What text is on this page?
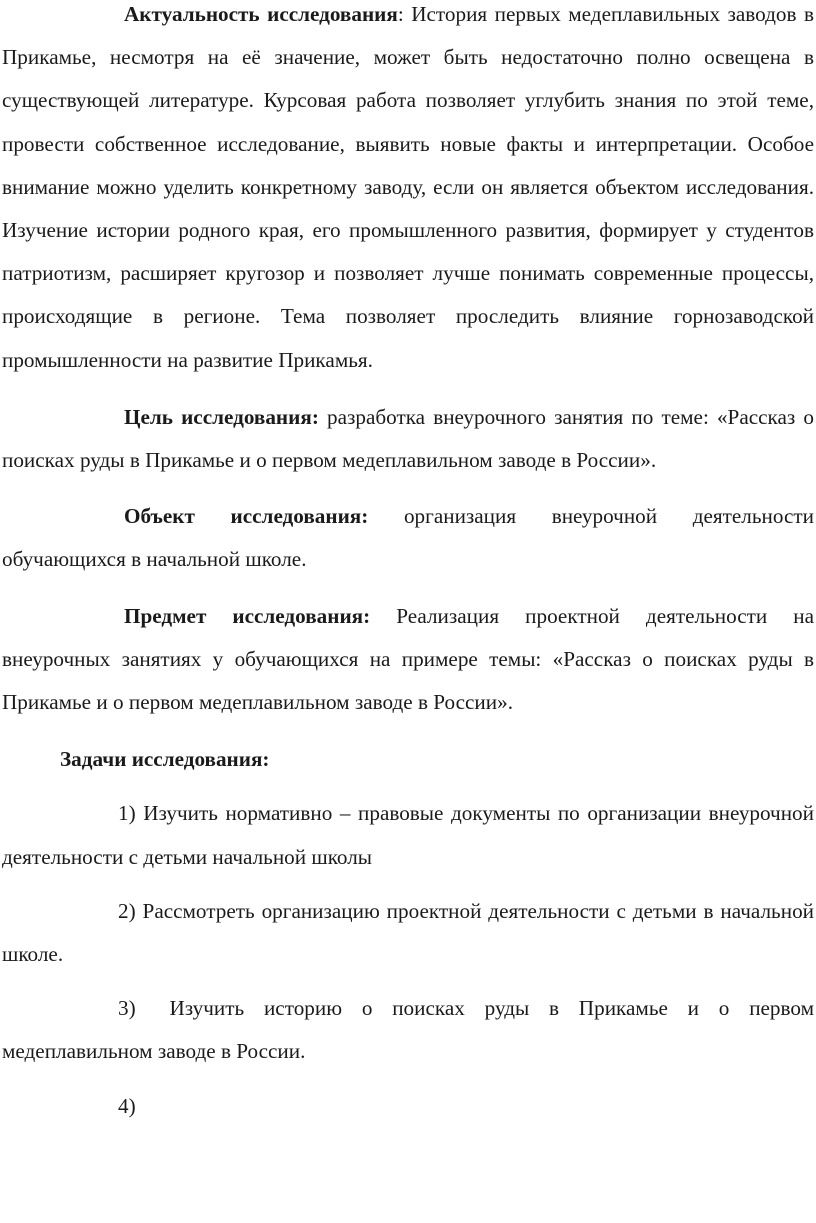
Актуальность исследования: История первых медеплавильных заводов в Прикамье, несмотря на её значение, может быть недостаточно полно освещена в существующей литературе. Курсовая работа позволяет углубить знания по этой теме, провести собственное исследование, выявить новые факты и интерпретации. Особое внимание можно уделить конкретному заводу, если он является объектом исследования. Изучение истории родного края, его промышленного развития, формирует у студентов патриотизм, расширяет кругозор и позволяет лучше понимать современные процессы, происходящие в регионе. Тема позволяет проследить влияние горнозаводской промышленности на развитие Прикамья.

Цель исследования: разработка внеурочного занятия по теме: «Рассказ о поисках руды в Прикамье и о первом медеплавильном заводе в России».

Объект исследования: организация внеурочной деятельности обучающихся в начальной школе.

Предмет исследования: Реализация проектной деятельности на внеурочных занятиях у обучающихся на примере темы: «Рассказ о поисках руды в Прикамье и о первом медеплавильном заводе в России».

Задачи исследования:

1) Изучить нормативно – правовые документы по организации внеурочной деятельности с детьми начальной школы

2) Рассмотреть организацию проектной деятельности с детьми в начальной школе.

3) Изучить историю о поисках руды в Прикамье и о первом медеплавильном заводе в России.

4)
